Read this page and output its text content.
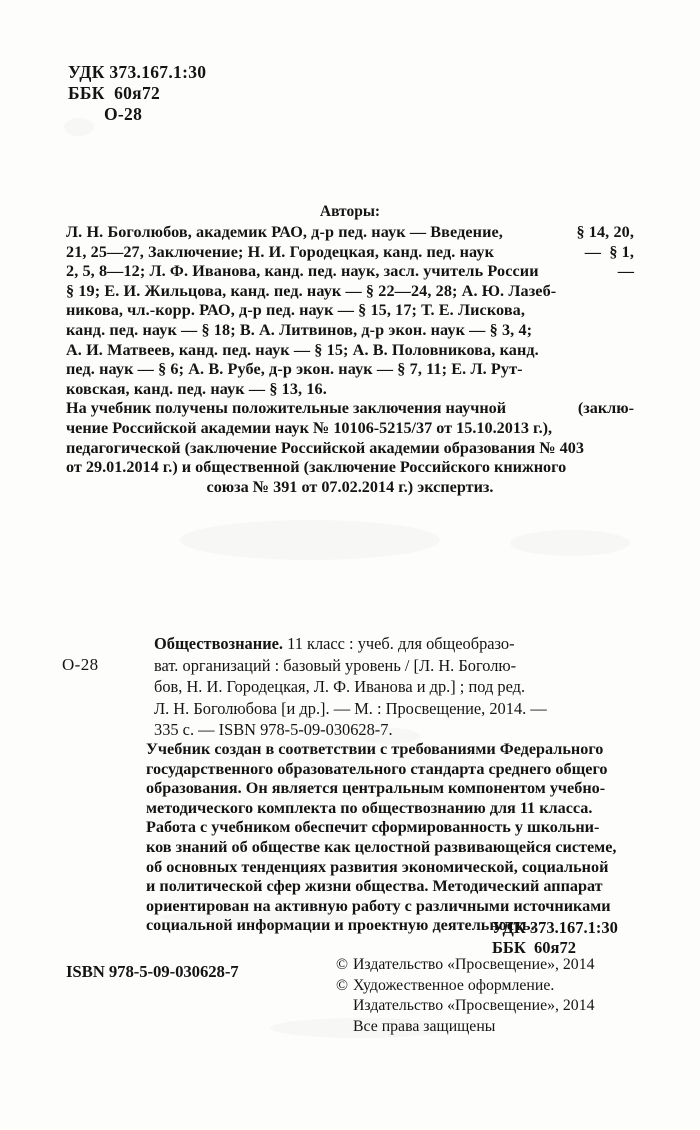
УДК 373.167.1:30
ББК  60я72
О-28
Авторы:
Л. Н. Боголюбов, академик РАО, д-р пед. наук — Введение,	§ 14, 20,
21, 25—27, Заключение; Н. И. Городецкая, канд. пед. наук	—  § 1,
2, 5, 8—12; Л. Ф. Иванова, канд. пед. наук, засл. учитель России	—
§ 19; Е. И. Жильцова, канд. пед. наук — § 22—24, 28; А. Ю. Лазеб-
никова, чл.-корр. РАО, д-р пед. наук — § 15, 17; Т. Е. Лискова,
канд. пед. наук — § 18; В. А. Литвинов, д-р экон. наук — § 3, 4;
А. И. Матвеев, канд. пед. наук — § 15; А. В. Половникова, канд.
пед. наук — § 6; А. В. Рубе, д-р экон. наук — § 7, 11; Е. Л. Рут-
ковская, канд. пед. наук — § 13, 16.
На учебник получены положительные заключения научной	(заклю-
чение Российской академии наук № 10106-5215/37 от 15.10.2013 г.),
педагогической (заключение Российской академии образования № 403
от 29.01.2014 г.) и общественной (заключение Российского книжного
союза № 391 от 07.02.2014 г.) экспертиз.
О-28
Обществознание. 11 класс : учеб. для общеобразо-
ват. организаций : базовый уровень / [Л. Н. Боголю-
бов, Н. И. Городецкая, Л. Ф. Иванова и др.] ; под ред.
Л. Н. Боголюбова [и др.]. — М. : Просвещение, 2014. —
335 с. — ISBN 978-5-09-030628-7.
Учебник создан в соответствии с требованиями Федерального
государственного образовательного стандарта среднего общего
образования. Он является центральным компонентом учебно-
методического комплекта по обществознанию для 11 класса.
Работа с учебником обеспечит сформированность у школьни-
ков знаний об обществе как целостной развивающейся системе,
об основных тенденциях развития экономической, социальной
и политической сфер жизни общества. Методический аппарат
ориентирован на активную работу с различными источниками
социальной информации и проектную деятельность.
УДК 373.167.1:30
ББК  60я72
ISBN 978-5-09-030628-7	© Издательство «Просвещение», 2014
© Художественное оформление.
Издательство «Просвещение», 2014
Все права защищены
